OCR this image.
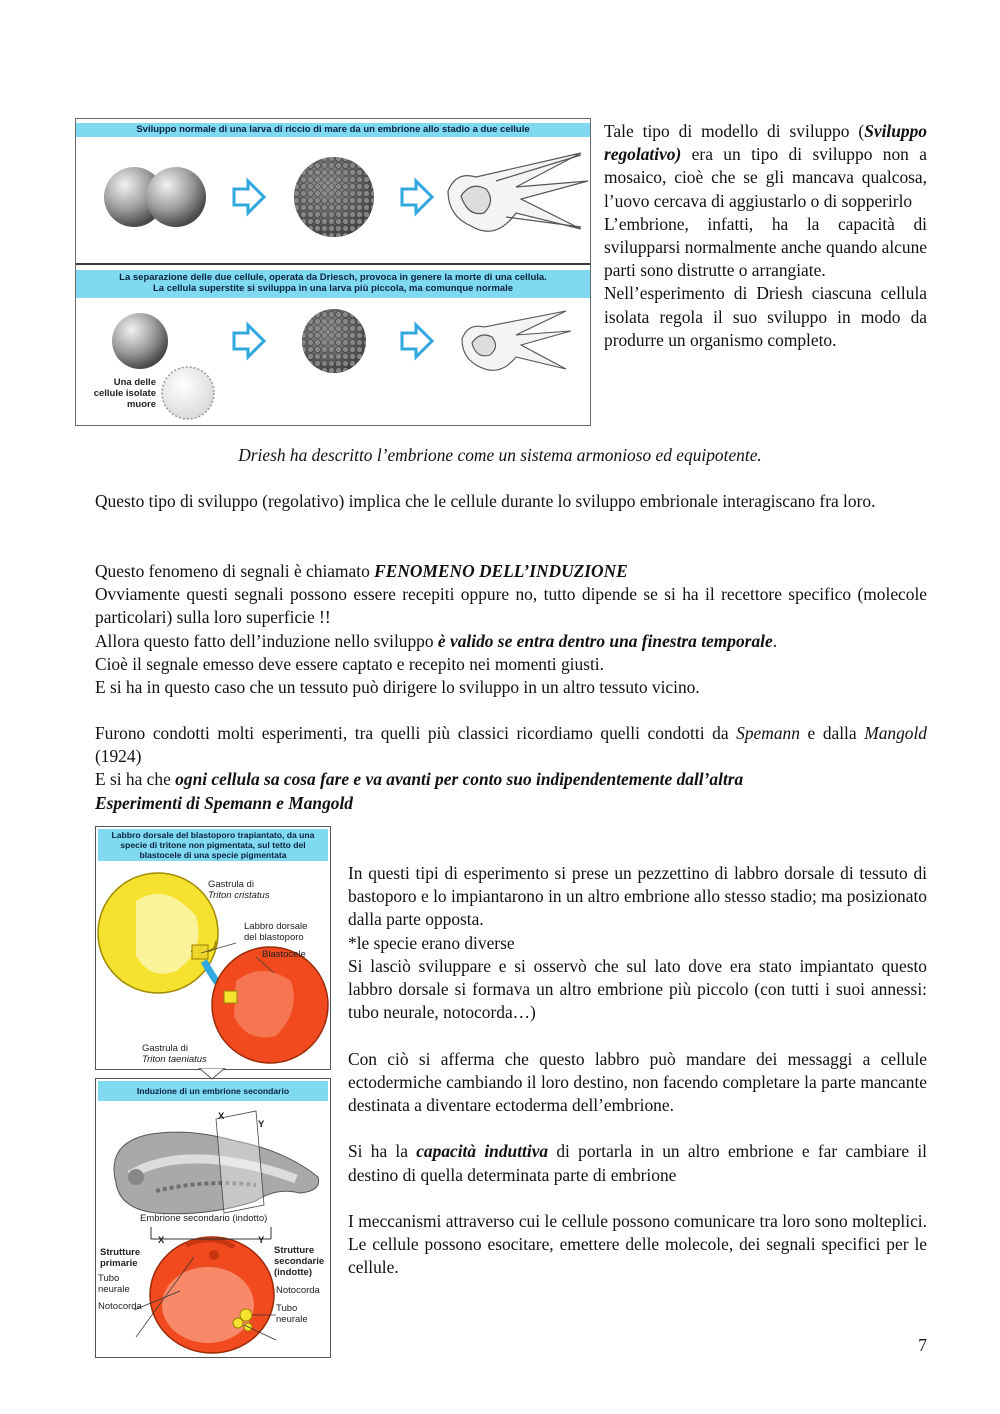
Sviluppo normale di una larva di riccio di mare da un embrione allo stadio a due cellule
La separazione delle due cellule, operata da Driesch, provoca in genere la morte di una cellula.
La cellula superstite si sviluppa in una larva più piccola, ma comunque normale
Una delle
cellule isolate
muore

Tale tipo di modello di sviluppo (Sviluppo regolativo) era un tipo di sviluppo non a mosaico, cioè che se gli mancava qualcosa, l’uovo cercava di aggiustarlo o di sopperirlo

L’embrione, infatti, ha la capacità di svilupparsi normalmente anche quando alcune parti sono distrutte o arrangiate.

Nell’esperimento di Driesh ciascuna cellula isolata regola il suo sviluppo in modo da produrre un organismo completo.

Driesh ha descritto l’embrione come un sistema armonioso ed equipotente.
Questo tipo di sviluppo (regolativo) implica che le cellule durante lo sviluppo embrionale interagiscano fra loro.

Questo fenomeno di segnali è chiamato FENOMENO DELL’INDUZIONE

Ovviamente questi segnali possono essere recepiti oppure no, tutto dipende se si ha il recettore specifico (molecole particolari) sulla loro superficie !!

Allora questo fatto dell’induzione nello sviluppo è valido se entra dentro una finestra temporale.

Cioè il segnale emesso deve essere captato e recepito nei momenti giusti.

E si ha in questo caso che un tessuto può dirigere lo sviluppo in un altro tessuto vicino.

Furono condotti molti esperimenti, tra quelli più classici ricordiamo quelli condotti da Spemann e dalla Mangold (1924)

E si ha che ogni cellula sa cosa fare e va avanti per conto suo indipendentemente dall’altra

Esperimenti di Spemann e Mangold

Labbro dorsale del blastoporo trapiantato, da una specie di tritone non pigmentata, sul tetto del blastocele di una specie pigmentata
Gastrula di
Triton cristatus
Labbro dorsale
del blastoporo
Blastocele
Gastrula di
Triton taeniatus
Induzione di un embrione secondario
X
Y
Embrione secondario (indotto)
X	Y
Strutture
primarie
Tubo
neurale
Notocorda
Strutture
secondarie
(indotte)
Notocorda
Tubo
neurale

In questi tipi di esperimento si prese un pezzettino di labbro dorsale di tessuto di bastoporo e lo impiantarono in un altro embrione allo stesso stadio; ma posizionato dalla parte opposta.

*le specie erano diverse

Si lasciò sviluppare e si osservò che sul lato dove era stato impiantato questo labbro dorsale si formava un altro embrione più piccolo (con tutti i suoi annessi: tubo neurale, notocorda…)

Con ciò si afferma che questo labbro può mandare dei messaggi a cellule ectodermiche cambiando il loro destino, non facendo completare la parte mancante destinata a diventare ectoderma dell’embrione.

Si ha la capacità induttiva di portarla in un altro embrione e far cambiare il destino di quella determinata parte di embrione

I meccanismi attraverso cui le cellule possono comunicare tra loro sono molteplici. Le cellule possono esocitare, emettere delle molecole, dei segnali specifici per le cellule.

7
